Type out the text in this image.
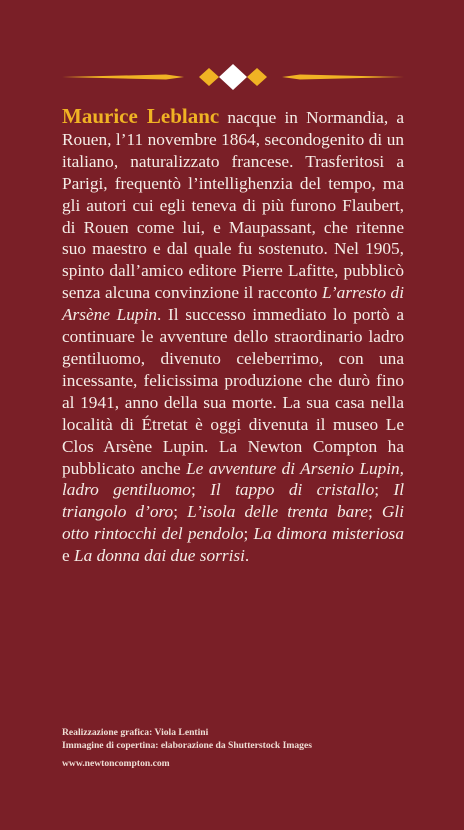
Maurice Leblanc nacque in Normandia, a Rouen, l’11 novembre 1864, secondogenito di un italiano, naturalizzato francese. Trasferitosi a Parigi, frequentò l’intellighenzia del tempo, ma gli autori cui egli teneva di più furono Flaubert, di Rouen come lui, e Maupassant, che ritenne suo maestro e dal quale fu sostenuto. Nel 1905, spinto dall’amico editore Pierre Lafitte, pubblicò senza alcuna convinzione il racconto L’arresto di Arsène Lupin. Il successo immediato lo portò a continuare le avventure dello straordinario ladro gentiluomo, divenuto celeberrimo, con una incessante, felicissima produzione che durò fino al 1941, anno della sua morte. La sua casa nella località di Étretat è oggi divenuta il museo Le Clos Arsène Lupin. La Newton Compton ha pubblicato anche Le avventure di Arsenio Lupin, ladro gentiluomo; Il tappo di cristallo; Il triangolo d’oro; L’isola delle trenta bare; Gli otto rintocchi del pendolo; La dimora misteriosa e La donna dai due sorrisi.

Realizzazione grafica: Viola Lentini
Immagine di copertina: elaborazione da Shutterstock Images
www.newtoncompton.com
